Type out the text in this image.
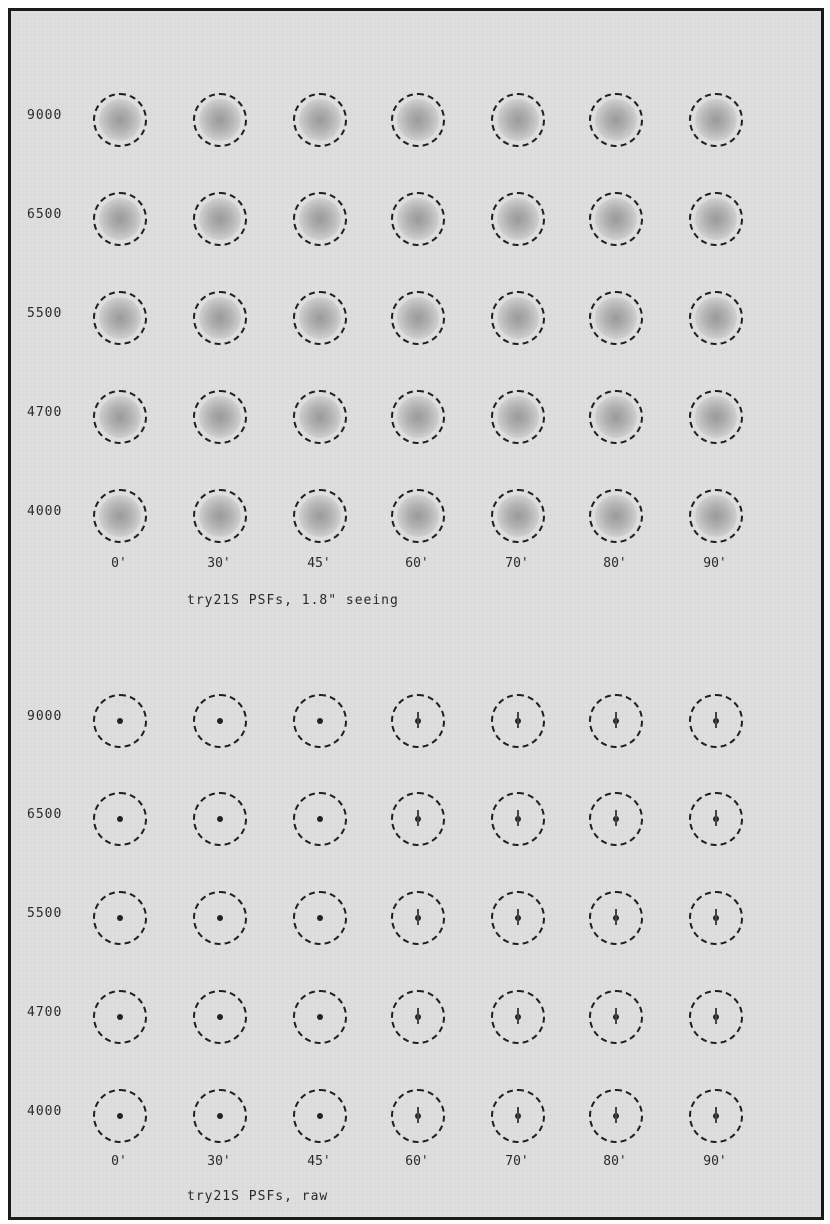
9000
6500
5500
4700
4000
0'	30'	45'	60'	70'	80'	90'
try21S PSFs, 1.8" seeing
9000
6500
5500
4700
4000
0'	30'	45'	60'	70'	80'	90'
try21S PSFs, raw
